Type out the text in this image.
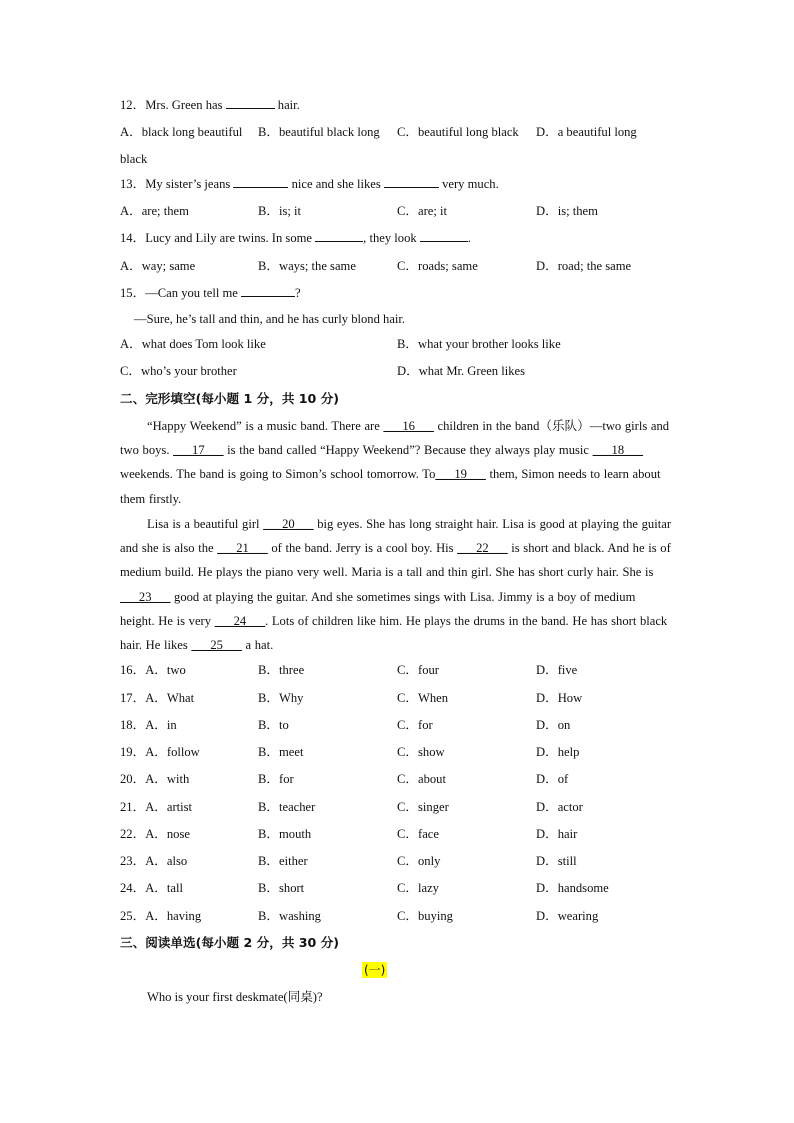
12．Mrs. Green has	hair.
A．black long beautiful B．beautiful black long C．beautiful long black D．a beautiful long
black
13．My sister’s jeans	nice and she likes	very much.
A．are; them	B．is; it	C．are; it	D．is; them
14．Lucy and Lily are twins. In some	, they look	.
A．way; same	B．ways; the same	C．roads; same	D．road; the same
15．—Can you tell me	?
—Sure, he’s tall and thin, and he has curly blond hair.
A．what does Tom look like	B．what your brother looks like
C．who’s your brother	D．what Mr. Green likes
二、完形填空(每小题 1 分，共 10 分)
“Happy Weekend” is a music band. There are ___16___ children in the band（乐队）—two girls and two boys. ___17___ is the band called “Happy Weekend”? Because they always play music ___18___ weekends. The band is going to Simon’s school tomorrow. To___19___ them, Simon needs to learn about them firstly.
Lisa is a beautiful girl ___20___ big eyes. She has long straight hair. Lisa is good at playing the guitar and she is also the ___21___ of the band. Jerry is a cool boy. His ___22___ is short and black. And he is of medium build. He plays the piano very well. Maria is a tall and thin girl. She has short curly hair. She is ___23___ good at playing the guitar. And she sometimes sings with Lisa. Jimmy is a boy of medium height. He is very ___24___. Lots of children like him. He plays the drums in the band. He has short black hair. He likes ___25___ a hat.
16．A．two	B．three	C．four	D．five
17．A．What	B．Why	C．When	D．How
18．A．in	B．to	C．for	D．on
19．A．follow	B．meet	C．show	D．help
20．A．with	B．for	C．about	D．of
21．A．artist	B．teacher	C．singer	D．actor
22．A．nose	B．mouth	C．face	D．hair
23．A．also	B．either	C．only	D．still
24．A．tall	B．short	C．lazy	D．handsome
25．A．having	B．washing	C．buying	D．wearing
三、阅读单选(每小题 2 分，共 30 分)
(一)
Who is your first deskmate(同桌)?
